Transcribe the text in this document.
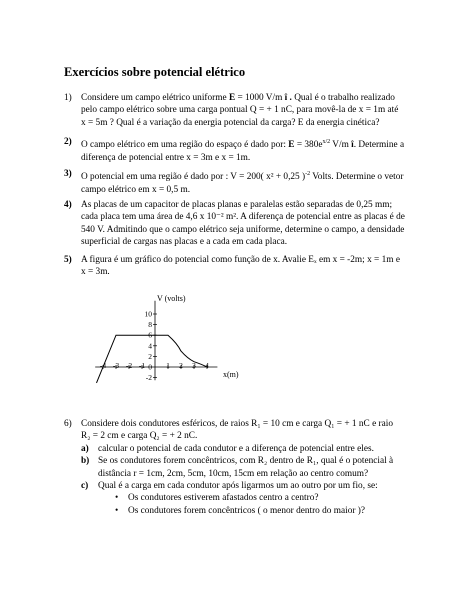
Exercícios sobre potencial elétrico
1) Considere um campo elétrico uniforme E = 1000 V/m î . Qual é o trabalho realizado
pelo campo elétrico sobre uma carga pontual Q = + 1 nC, para movê-la de x = 1m até
x = 5m ? Qual é a variação da energia potencial da carga? E da energia cinética?
2) O campo elétrico em uma região do espaço é dado por: $E = 380e^{x/2}$ V/m î. Determine a
diferença de potencial entre x = 3m e x = 1m.
3) O potencial em uma região é dado por : V = 200( x² + 0,25 )$^{-2}$ Volts. Determine o vetor
campo elétrico em x = 0,5 m.
4) As placas de um capacitor de placas planas e paralelas estão separadas de 0,25 mm;
cada placa tem uma área de 4,6 x 10⁻² m². A diferença de potencial entre as placas é de
540 V. Admitindo que o campo elétrico seja uniforme, determine o campo, a densidade
superficial de cargas nas placas e a cada em cada placa.
5) A figura é um gráfico do potencial como função de x. Avalie Eₓ em x = -2m; x = 1m e
x = 3m.
10
8
6
4
2
-2
0
-4 -3 -2 -1	1 2 3 4
V (volts)
x(m)
6) Considere dois condutores esféricos, de raios R₁ = 10 cm e carga Q₁ = + 1 nC e raio
R₂ = 2 cm e carga Q₂ = + 2 nC.
a) calcular o potencial de cada condutor e a diferença de potencial entre eles.
b) Se os condutores forem concêntricos, com R₂ dentro de R₁, qual é o potencial à
distância r = 1cm, 2cm, 5cm, 10cm, 15cm em relação ao centro comum?
c)	Qual é a carga em cada condutor após ligarmos um ao outro por um fio, se:
• Os condutores estiverem afastados centro a centro?
• Os condutores forem concêntricos ( o menor dentro do maior )?
